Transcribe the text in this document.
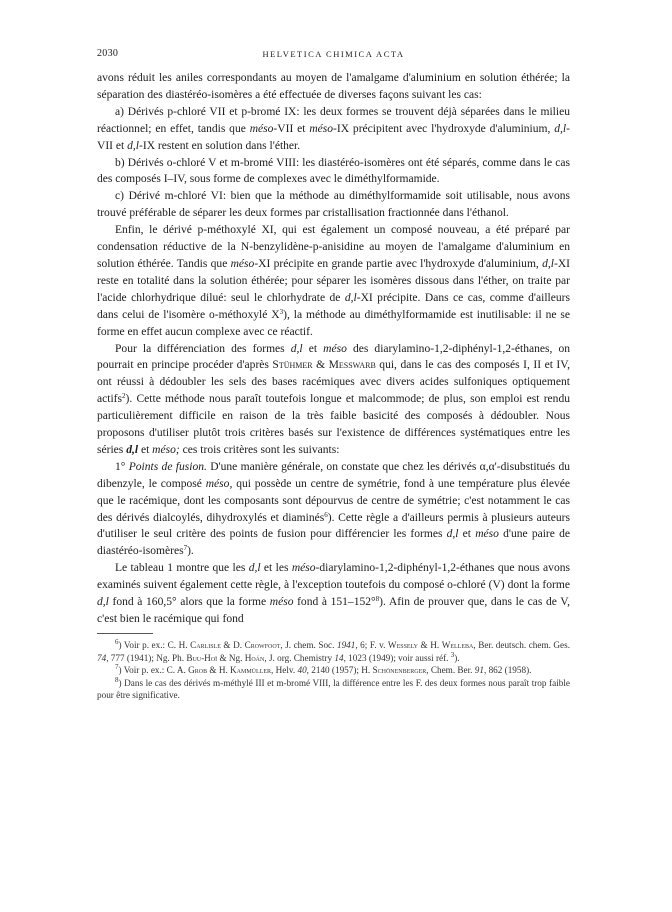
2030	HELVETICA CHIMICA ACTA

avons réduit les aniles correspondants au moyen de l'amalgame d'aluminium en solution éthérée; la séparation des diastéréo-isomères a été effectuée de diverses façons suivant les cas:

a) Dérivés p-chloré VII et p-bromé IX: les deux formes se trouvent déjà séparées dans le milieu réactionnel; en effet, tandis que méso-VII et méso-IX précipitent avec l'hydroxyde d'aluminium, d,l-VII et d,l-IX restent en solution dans l'éther.

b) Dérivés o-chloré V et m-bromé VIII: les diastéréo-isomères ont été séparés, comme dans le cas des composés I–IV, sous forme de complexes avec le diméthylformamide.

c) Dérivé m-chloré VI: bien que la méthode au diméthylformamide soit utilisable, nous avons trouvé préférable de séparer les deux formes par cristallisation fractionnée dans l'éthanol.

Enfin, le dérivé p-méthoxylé XI, qui est également un composé nouveau, a été préparé par condensation réductive de la N-benzylidène-p-anisidine au moyen de l'amalgame d'aluminium en solution éthérée. Tandis que méso-XI précipite en grande partie avec l'hydroxyde d'aluminium, d,l-XI reste en totalité dans la solution éthérée; pour séparer les isomères dissous dans l'éther, on traite par l'acide chlorhydrique dilué: seul le chlorhydrate de d,l-XI précipite. Dans ce cas, comme d'ailleurs dans celui de l'isomère o-méthoxylé $X^3$), la méthode au diméthylformamide est inutilisable: il ne se forme en effet aucun complexe avec ce réactif.

Pour la différenciation des formes d,l et méso des diarylamino-1,2-diphényl-1,2-éthanes, on pourrait en principe procéder d'après Stühmer & Messwarb qui, dans le cas des composés I, II et IV, ont réussi à dédoubler les sels des bases racémiques avec divers acides sulfoniques optiquement actifs$^2$). Cette méthode nous paraît toutefois longue et malcommode; de plus, son emploi est rendu particulièrement difficile en raison de la très faible basicité des composés à dédoubler. Nous proposons d'utiliser plutôt trois critères basés sur l'existence de différences systématiques entre les séries d,l et méso; ces trois critères sont les suivants:

1° Points de fusion. D'une manière générale, on constate que chez les dérivés α,α'-disubstitués du dibenzyle, le composé méso, qui possède un centre de symétrie, fond à une température plus élevée que le racémique, dont les composants sont dépourvus de centre de symétrie; c'est notamment le cas des dérivés dialcoylés, dihydroxylés et diaminés$^6$). Cette règle a d'ailleurs permis à plusieurs auteurs d'utiliser le seul critère des points de fusion pour différencier les formes d,l et méso d'une paire de diastéréo-isomères$^7$).

Le tableau 1 montre que les d,l et les méso-diarylamino-1,2-diphényl-1,2-éthanes que nous avons examinés suivent également cette règle, à l'exception toutefois du composé o-chloré (V) dont la forme d,l fond à 160,5° alors que la forme méso fond à 151–152°$^8$). Afin de prouver que, dans le cas de V, c'est bien le racémique qui fond

$^6$) Voir p. ex.: C. H. Carlisle & D. Crowfoot, J. chem. Soc. 1941, 6; F. v. Wessely & H. Welleba, Ber. deutsch. chem. Ges. 74, 777 (1941); Ng. Ph. Buu-Hoï & Ng. Hoán, J. org. Chemistry 14, 1023 (1949); voir aussi réf. $^3$).

$^7$) Voir p. ex.: C. A. Grob & H. Kammüller, Helv. 40, 2140 (1957); H. Schönenberger, Chem. Ber. 91, 862 (1958).

$^8$) Dans le cas des dérivés m-méthylé III et m-bromé VIII, la différence entre les F. des deux formes nous paraît trop faible pour être significative.
